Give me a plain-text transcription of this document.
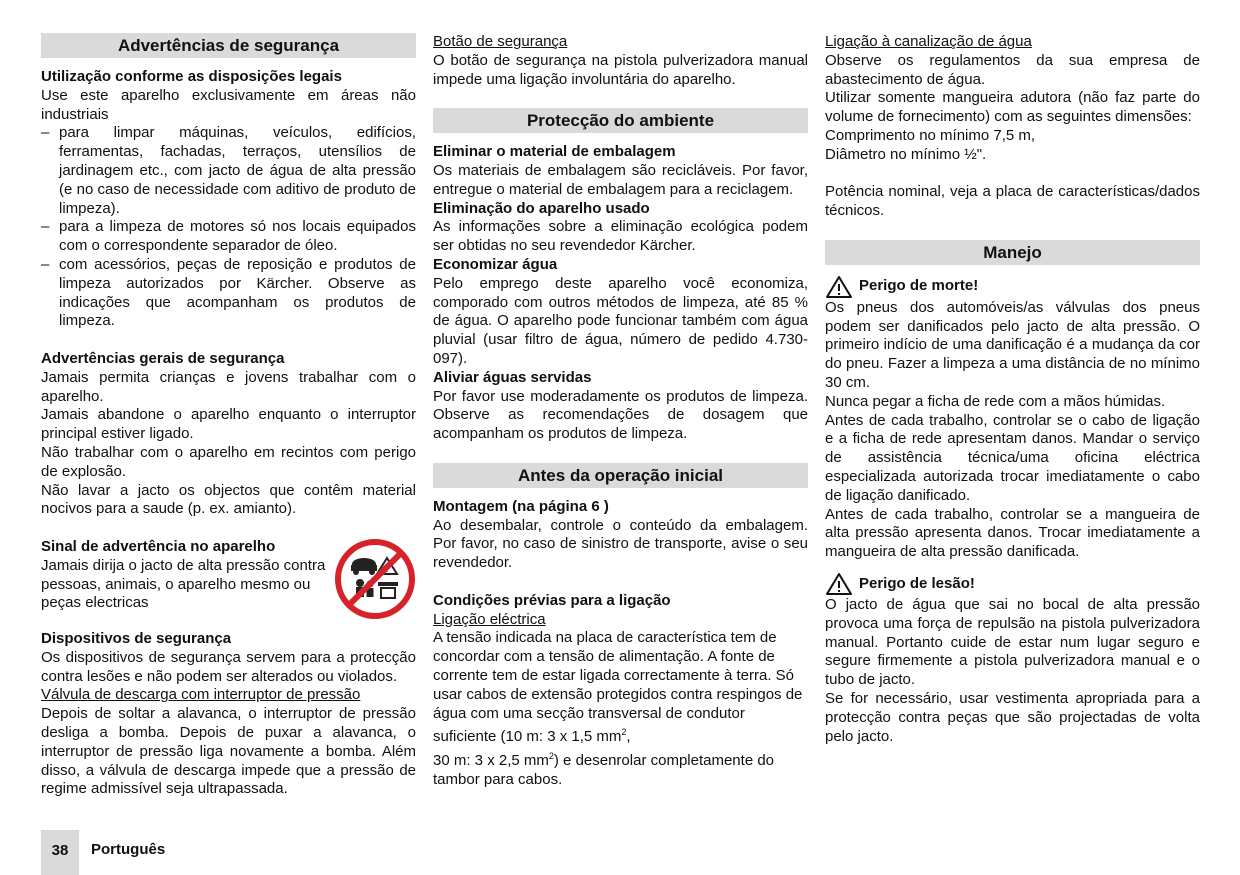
Advertências de segurança
Utilização conforme as disposições legais
Use este aparelho exclusivamente em áreas não industriais
– para limpar máquinas, veículos, edifícios, ferramentas, fachadas, terraços, utensílios de jardinagem etc., com jacto de água de alta pressão (e no caso de necessidade com aditivo de produto de limpeza).
– para a limpeza de motores só nos locais equipados com o correspondente separador de óleo.
– com acessórios, peças de reposição e produtos de limpeza autorizados por Kärcher. Observe as indicações que acompanham os produtos de limpeza.
Advertências gerais de segurança
Jamais permita crianças e jovens trabalhar com o aparelho.
Jamais abandone o aparelho enquanto o interruptor principal estiver ligado.
Não trabalhar com o aparelho em recintos com perigo de explosão.
Não lavar a jacto os objectos que contêm material nocivos para a saude (p. ex. amianto).
Sinal de advertência no aparelho
Jamais dirija o jacto de alta pressão contra pessoas, animais, o aparelho mesmo ou peças electricas
Dispositivos de segurança
Os dispositivos de segurança servem para a protecção contra lesões e não podem ser alterados ou violados.
Válvula de descarga com interruptor de pressão
Depois de soltar a alavanca, o interruptor de pressão desliga a bomba. Depois de puxar a alavanca, o interruptor de pressão liga novamente a bomba. Além disso, a válvula de descarga impede que a pressão de regime admissível seja ultrapassada.
Botão de segurança
O botão de segurança na pistola pulverizadora manual impede uma ligação involuntária do aparelho.
Protecção do ambiente
Eliminar o material de embalagem
Os materiais de embalagem são recicláveis. Por favor, entregue o material de embalagem para a reciclagem.
Eliminação do aparelho usado
As informações sobre a eliminação ecológica podem ser obtidas no seu revendedor Kärcher.
Economizar água
Pelo emprego deste aparelho você economiza, comporado com outros métodos de limpeza, até 85 % de água. O aparelho pode funcionar também com água pluvial (usar filtro de água, número de pedido 4.730-097).
Aliviar águas servidas
Por favor use moderadamente os produtos de limpeza. Observe as recomendações de dosagem que acompanham os produtos de limpeza.
Antes da operação inicial
Montagem (na página 6 )
Ao desembalar, controle o conteúdo da embalagem. Por favor, no caso de sinistro de transporte, avise o seu revendedor.
Condições prévias para a ligação
Ligação eléctrica
A tensão indicada na placa de característica tem de concordar com a tensão de alimentação. A fonte de corrente tem de estar ligada correctamente à terra. Só usar cabos de extensão protegidos contra respingos de água com uma secção transversal de condutor suficiente (10 m: 3 x 1,5 $mm^2$,
30 m: 3 x 2,5 $mm^2$) e desenrolar completamente do tambor para cabos.
Ligação à canalização de água
Observe os regulamentos da sua empresa de abastecimento de água.
Utilizar somente mangueira adutora (não faz parte do volume de fornecimento) com as seguintes dimensões:
Comprimento no mínimo 7,5 m,
Diâmetro no mínimo ½".
Potência nominal, veja a placa de características/dados técnicos.
Manejo
Perigo de morte!
Os pneus dos automóveis/as válvulas dos pneus podem ser danificados pelo jacto de alta pressão. O primeiro indício de uma danificação é a mudança da cor do pneu. Fazer a limpeza a uma distância de no mínimo 30 cm.
Nunca pegar a ficha de rede com a mãos húmidas.
Antes de cada trabalho, controlar se o cabo de ligação e a ficha de rede apresentam danos. Mandar o serviço de assistência técnica/uma oficina eléctrica especializada autorizada trocar imediatamente o cabo de ligação danificado.
Antes de cada trabalho, controlar se a mangueira de alta pressão apresenta danos. Trocar imediatamente a mangueira de alta pressão danificada.
Perigo de lesão!
O jacto de água que sai no bocal de alta pressão provoca uma força de repulsão na pistola pulverizadora manual. Portanto cuide de estar num lugar seguro e segure firmemente a pistola pulverizadora manual e o tubo de jacto.
Se for necessário, usar vestimenta apropriada para a protecção contra peças que são projectadas de volta pelo jacto.
38	Português
